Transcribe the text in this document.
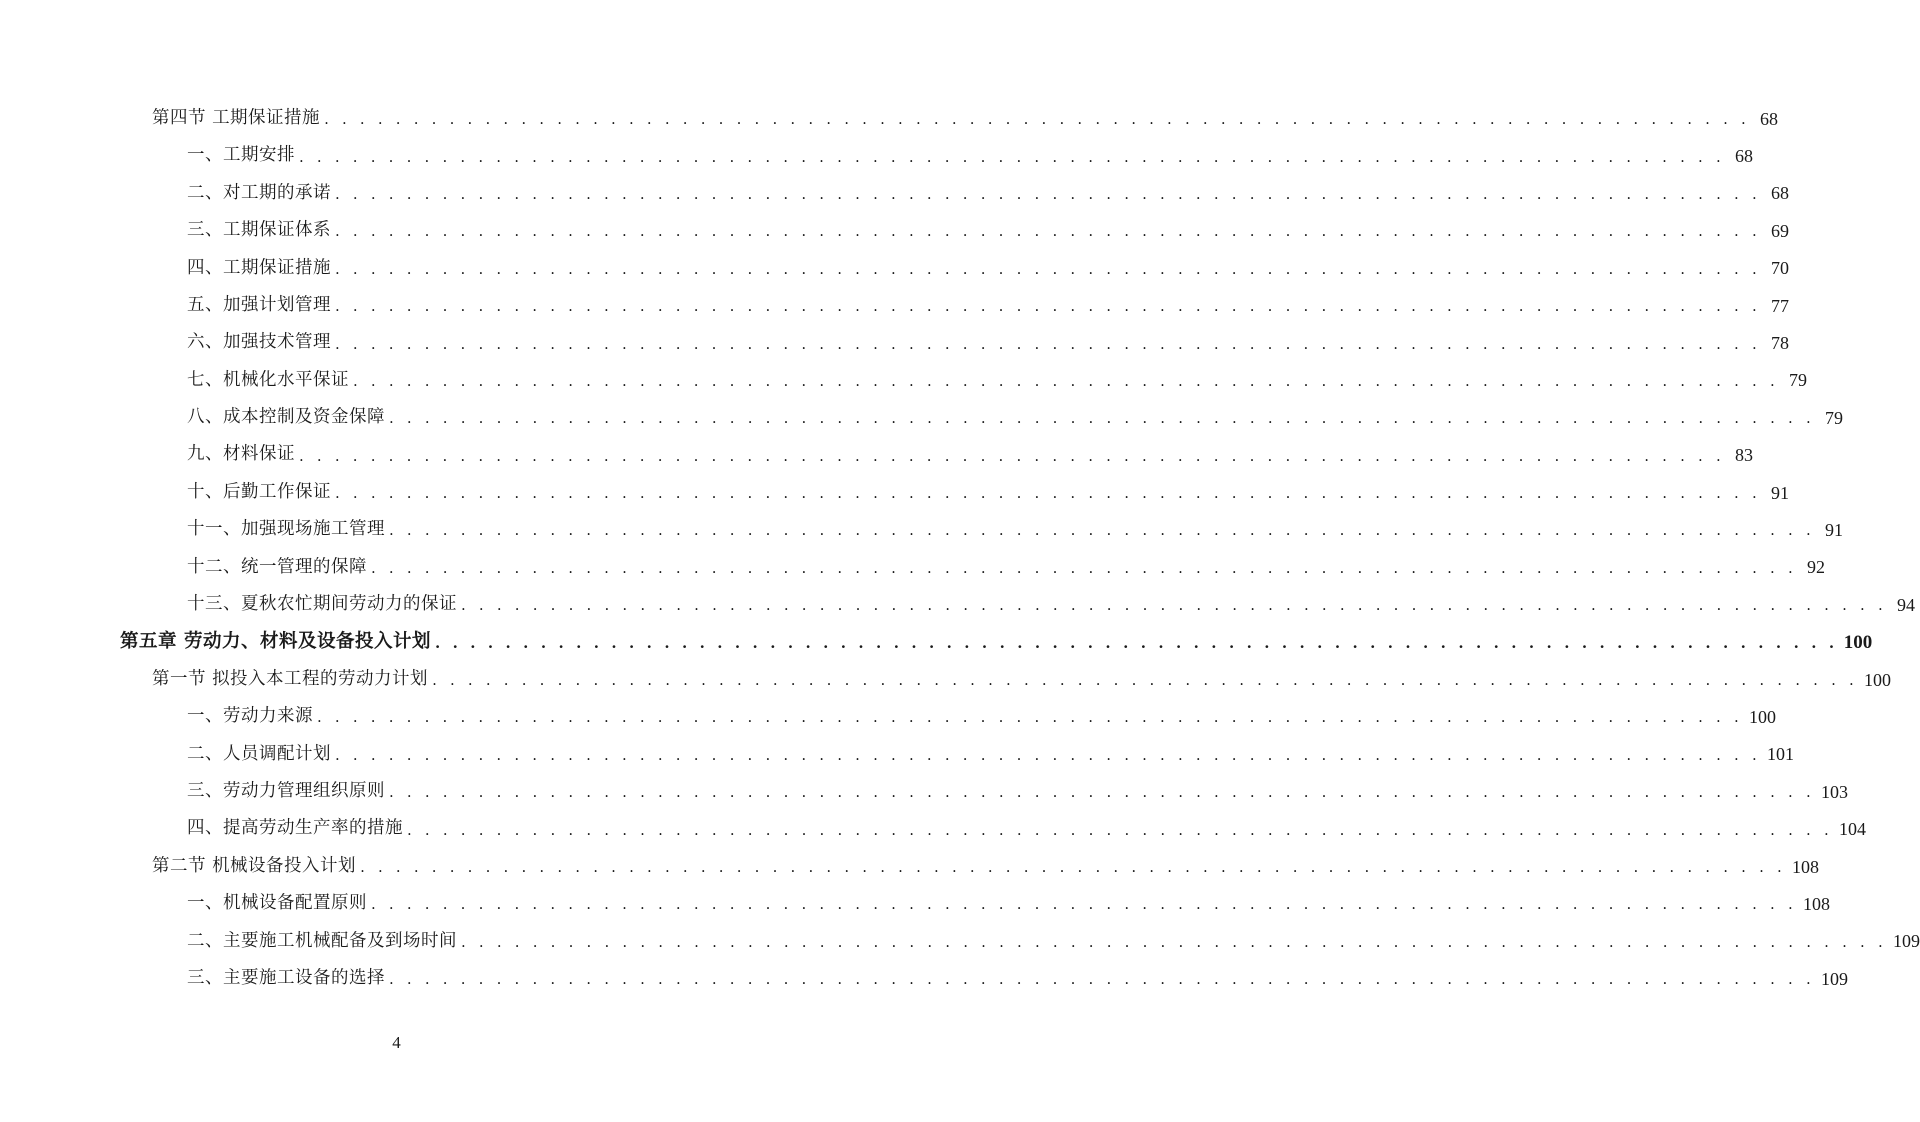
第四节 工期保证措施 . . . . . . . . . . . . . . . . . . . . . . . . . . . . . . . . . . . . . . . . . . . . . . . . . . . . . . . . . . . . . . . . . . . . . . . . . . . . . . . . 68
一、工期安排 . . . . . . . . . . . . . . . . . . . . . . . . . . . . . . . . . . . . . . . . . . . . . . . . . . . . . . . . . . . . . . . . . . . . . . . . . . . . . . . . 68
二、对工期的承诺 . . . . . . . . . . . . . . . . . . . . . . . . . . . . . . . . . . . . . . . . . . . . . . . . . . . . . . . . . . . . . . . . . . . . . . . . . . . . . . . . 68
三、工期保证体系 . . . . . . . . . . . . . . . . . . . . . . . . . . . . . . . . . . . . . . . . . . . . . . . . . . . . . . . . . . . . . . . . . . . . . . . . . . . . . . . . 69
四、工期保证措施 . . . . . . . . . . . . . . . . . . . . . . . . . . . . . . . . . . . . . . . . . . . . . . . . . . . . . . . . . . . . . . . . . . . . . . . . . . . . . . . . 70
五、加强计划管理 . . . . . . . . . . . . . . . . . . . . . . . . . . . . . . . . . . . . . . . . . . . . . . . . . . . . . . . . . . . . . . . . . . . . . . . . . . . . . . . . 77
六、加强技术管理 . . . . . . . . . . . . . . . . . . . . . . . . . . . . . . . . . . . . . . . . . . . . . . . . . . . . . . . . . . . . . . . . . . . . . . . . . . . . . . . . 78
七、机械化水平保证 . . . . . . . . . . . . . . . . . . . . . . . . . . . . . . . . . . . . . . . . . . . . . . . . . . . . . . . . . . . . . . . . . . . . . . . . . . . . . . . . 79
八、成本控制及资金保障 . . . . . . . . . . . . . . . . . . . . . . . . . . . . . . . . . . . . . . . . . . . . . . . . . . . . . . . . . . . . . . . . . . . . . . . . . . . . . . . . 79
九、材料保证 . . . . . . . . . . . . . . . . . . . . . . . . . . . . . . . . . . . . . . . . . . . . . . . . . . . . . . . . . . . . . . . . . . . . . . . . . . . . . . . . 83
十、后勤工作保证 . . . . . . . . . . . . . . . . . . . . . . . . . . . . . . . . . . . . . . . . . . . . . . . . . . . . . . . . . . . . . . . . . . . . . . . . . . . . . . . . 91
十一、加强现场施工管理 . . . . . . . . . . . . . . . . . . . . . . . . . . . . . . . . . . . . . . . . . . . . . . . . . . . . . . . . . . . . . . . . . . . . . . . . . . . . . . . . 91
十二、统一管理的保障 . . . . . . . . . . . . . . . . . . . . . . . . . . . . . . . . . . . . . . . . . . . . . . . . . . . . . . . . . . . . . . . . . . . . . . . . . . . . . . . . 92
十三、夏秋农忙期间劳动力的保证 . . . . . . . . . . . . . . . . . . . . . . . . . . . . . . . . . . . . . . . . . . . . . . . . . . . . . . . . . . . . . . . . . . . . . . . . . . . . . . . . 94
第五章 劳动力、材料及设备投入计划 . . . . . . . . . . . . . . . . . . . . . . . . . . . . . . . . . . . . . . . . . . . . . . . . . . . . . . . . . . . . . . . . . . . . . . . . . . . . . . . . 100
第一节 拟投入本工程的劳动力计划 . . . . . . . . . . . . . . . . . . . . . . . . . . . . . . . . . . . . . . . . . . . . . . . . . . . . . . . . . . . . . . . . . . . . . . . . . . . . . . . . 100
一、劳动力来源 . . . . . . . . . . . . . . . . . . . . . . . . . . . . . . . . . . . . . . . . . . . . . . . . . . . . . . . . . . . . . . . . . . . . . . . . . . . . . . . . 100
二、人员调配计划 . . . . . . . . . . . . . . . . . . . . . . . . . . . . . . . . . . . . . . . . . . . . . . . . . . . . . . . . . . . . . . . . . . . . . . . . . . . . . . . . 101
三、劳动力管理组织原则 . . . . . . . . . . . . . . . . . . . . . . . . . . . . . . . . . . . . . . . . . . . . . . . . . . . . . . . . . . . . . . . . . . . . . . . . . . . . . . . . 103
四、提高劳动生产率的措施 . . . . . . . . . . . . . . . . . . . . . . . . . . . . . . . . . . . . . . . . . . . . . . . . . . . . . . . . . . . . . . . . . . . . . . . . . . . . . . . . 104
第二节 机械设备投入计划 . . . . . . . . . . . . . . . . . . . . . . . . . . . . . . . . . . . . . . . . . . . . . . . . . . . . . . . . . . . . . . . . . . . . . . . . . . . . . . . . 108
一、机械设备配置原则 . . . . . . . . . . . . . . . . . . . . . . . . . . . . . . . . . . . . . . . . . . . . . . . . . . . . . . . . . . . . . . . . . . . . . . . . . . . . . . . . 108
二、主要施工机械配备及到场时间 . . . . . . . . . . . . . . . . . . . . . . . . . . . . . . . . . . . . . . . . . . . . . . . . . . . . . . . . . . . . . . . . . . . . . . . . . . . . . . . . 109
三、主要施工设备的选择 . . . . . . . . . . . . . . . . . . . . . . . . . . . . . . . . . . . . . . . . . . . . . . . . . . . . . . . . . . . . . . . . . . . . . . . . . . . . . . . . 109
4
